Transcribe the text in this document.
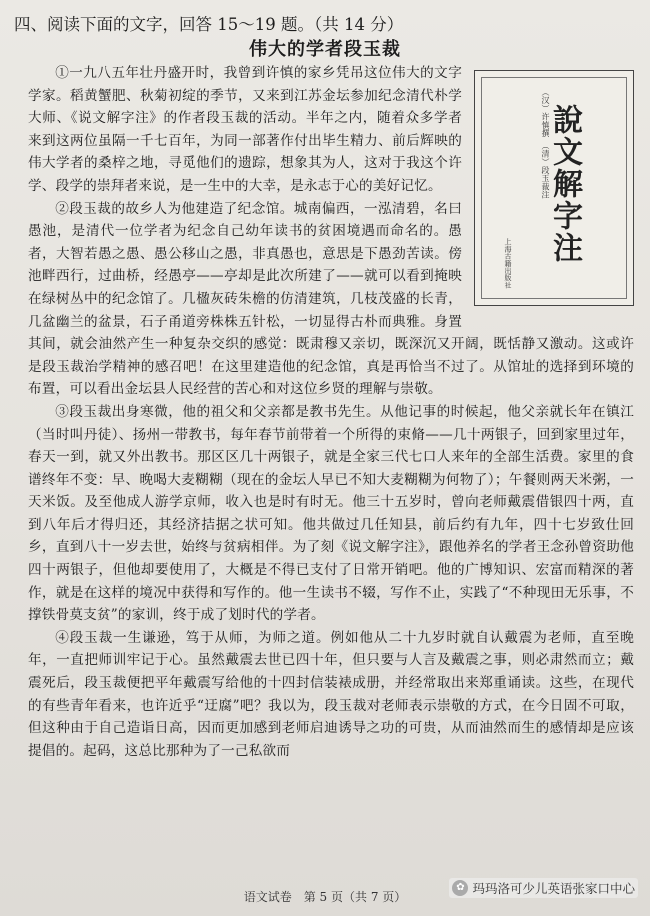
四、阅读下面的文字，回答 15～19 题。（共 14 分）
伟大的学者段玉裁
（汉）许慎撰　（清）段玉裁注
說文解字注
上海古籍出版社

①一九八五年壮丹盛开时，我曾到许慎的家乡凭吊这位伟大的文字学家。稻黄蟹肥、秋菊初绽的季节，又来到江苏金坛参加纪念清代朴学大师、《说文解字注》的作者段玉裁的活动。半年之内，随着众多学者来到这两位虽隔一千七百年，为同一部著作付出毕生精力、前后辉映的伟大学者的桑梓之地，寻觅他们的遗踪，想象其为人，这对于我这个许学、段学的崇拜者来说，是一生中的大幸，是永志于心的美好记忆。

②段玉裁的故乡人为他建造了纪念馆。城南偏西，一泓清碧，名曰愚池，是清代一位学者为纪念自己幼年读书的贫困境遇而命名的。愚者，大智若愚之愚、愚公移山之愚，非真愚也，意思是下愚劲苦读。傍池畔西行，过曲桥，经愚亭——亭却是此次所建了——就可以看到掩映在绿树丛中的纪念馆了。几楹灰砖朱檐的仿清建筑，几枝茂盛的长青，几盆幽兰的盆景，石子甬道旁株株五针松，一切显得古朴而典雅。身置其间，就会油然产生一种复杂交织的感觉：既肃穆又亲切，既深沉又开阔，既恬静又激动。这或许是段玉裁治学精神的感召吧！在这里建造他的纪念馆，真是再恰当不过了。从馆址的选择到环境的布置，可以看出金坛县人民经营的苦心和对这位乡贤的理解与崇敬。

③段玉裁出身寒微，他的祖父和父亲都是教书先生。从他记事的时候起，他父亲就长年在镇江（当时叫丹徒）、扬州一带教书，每年春节前带着一个所得的束脩——几十两银子，回到家里过年，春天一到，就又外出教书。那区区几十两银子，就是全家三代七口人来年的全部生活费。家里的食谱终年不变：早、晚喝大麦糊糊（现在的金坛人早已不知大麦糊糊为何物了）；午餐则两天米粥，一天米饭。及至他成人游学京师，收入也是时有时无。他三十五岁时，曾向老师戴震借银四十两，直到八年后才得归还，其经济拮据之状可知。他共做过几任知县，前后约有九年，四十七岁致仕回乡，直到八十一岁去世，始终与贫病相伴。为了刻《说文解字注》，跟他养名的学者王念孙曾资助他四十两银子，但他却要使用了，大概是不得已支付了日常开销吧。他的广博知识、宏富而精深的著作，就是在这样的境况中获得和写作的。他一生读书不辍，写作不止，实践了“不种现田无乐事，不撑铁骨莫支贫”的家训，终于成了划时代的学者。

④段玉裁一生谦逊，笃于从师，为师之道。例如他从二十九岁时就自认戴震为老师，直至晚年，一直把师训牢记于心。虽然戴震去世已四十年，但只要与人言及戴震之事，则必肃然而立；戴震死后，段玉裁便把平年戴震写给他的十四封信装裱成册，并经常取出来郑重诵读。这些，在现代的有些青年看来，也许近乎“迂腐”吧？我以为，段玉裁对老师表示崇敬的方式，在今日固不可取，但这种由于自己造诣日高，因而更加感到老师启迪诱导之功的可贵，从而油然而生的感情却是应该提倡的。起码，这总比那种为了一己私欲而

语文试卷　第 5 页（共 7 页）
✿ 玛玛洛可少儿英语张家口中心
